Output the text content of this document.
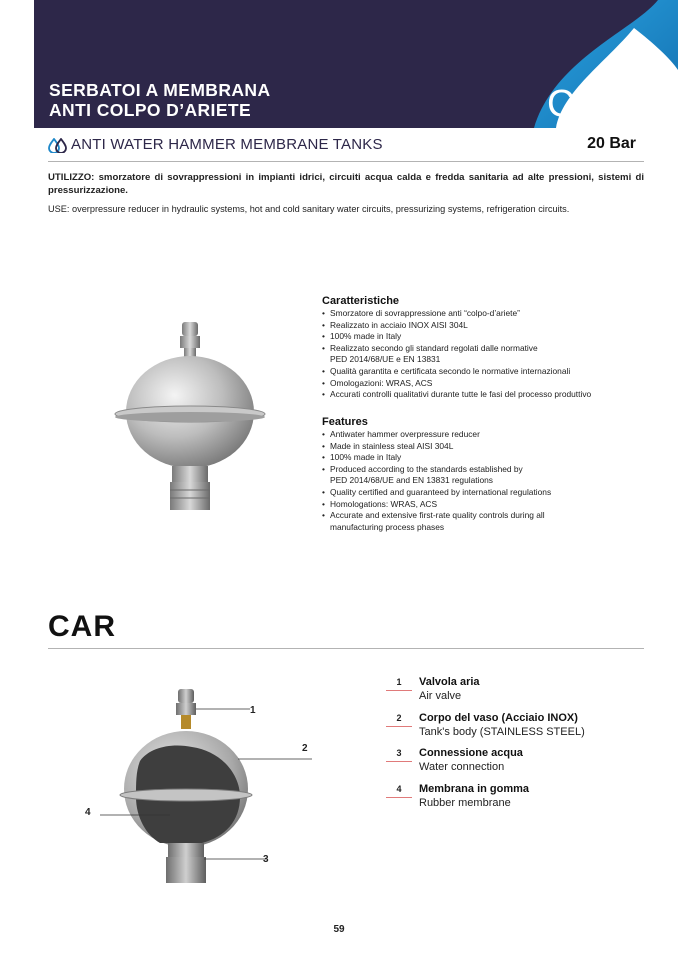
SERBATOI A MEMBRANA
ANTI COLPO D’ARIETE	CAR
ANTI WATER HAMMER MEMBRANE TANKS	20 Bar
UTILIZZO: smorzatore di sovrappressioni in impianti idrici, circuiti acqua calda e fredda sanitaria ad alte pressioni, sistemi di pressurizzazione.
USE: overpressure reducer in hydraulic systems, hot and cold sanitary water circuits, pressurizing systems, refrigeration circuits.
Caratteristiche
• Smorzatore di sovrappressione anti “colpo-d’ariete”
• Realizzato in acciaio INOX AISI 304L
• 100% made in Italy
• Realizzato secondo gli standard regolati dalle normative
PED 2014/68/UE e EN 13831
• Qualità garantita e certificata secondo le normative internazionali
• Omologazioni: WRAS, ACS
• Accurati controlli qualitativi durante tutte le fasi del processo produttivo
Features
• Antiwater hammer overpressure reducer
• Made in stainless steal AISI 304L
• 100% made in Italy
• Produced according to the standards established by
PED 2014/68/UE and EN 13831 regulations
• Quality certified and guaranteed by international regulations
• Homologations: WRAS, ACS
• Accurate and extensive first-rate quality controls during all
manufacturing process phases
CAR
1
2
3
4
1	Valvola aria
Air valve
2	Corpo del vaso (Acciaio INOX)
Tank's body (STAINLESS STEEL)
3	Connessione acqua
Water connection
4	Membrana in gomma
Rubber membrane
59
